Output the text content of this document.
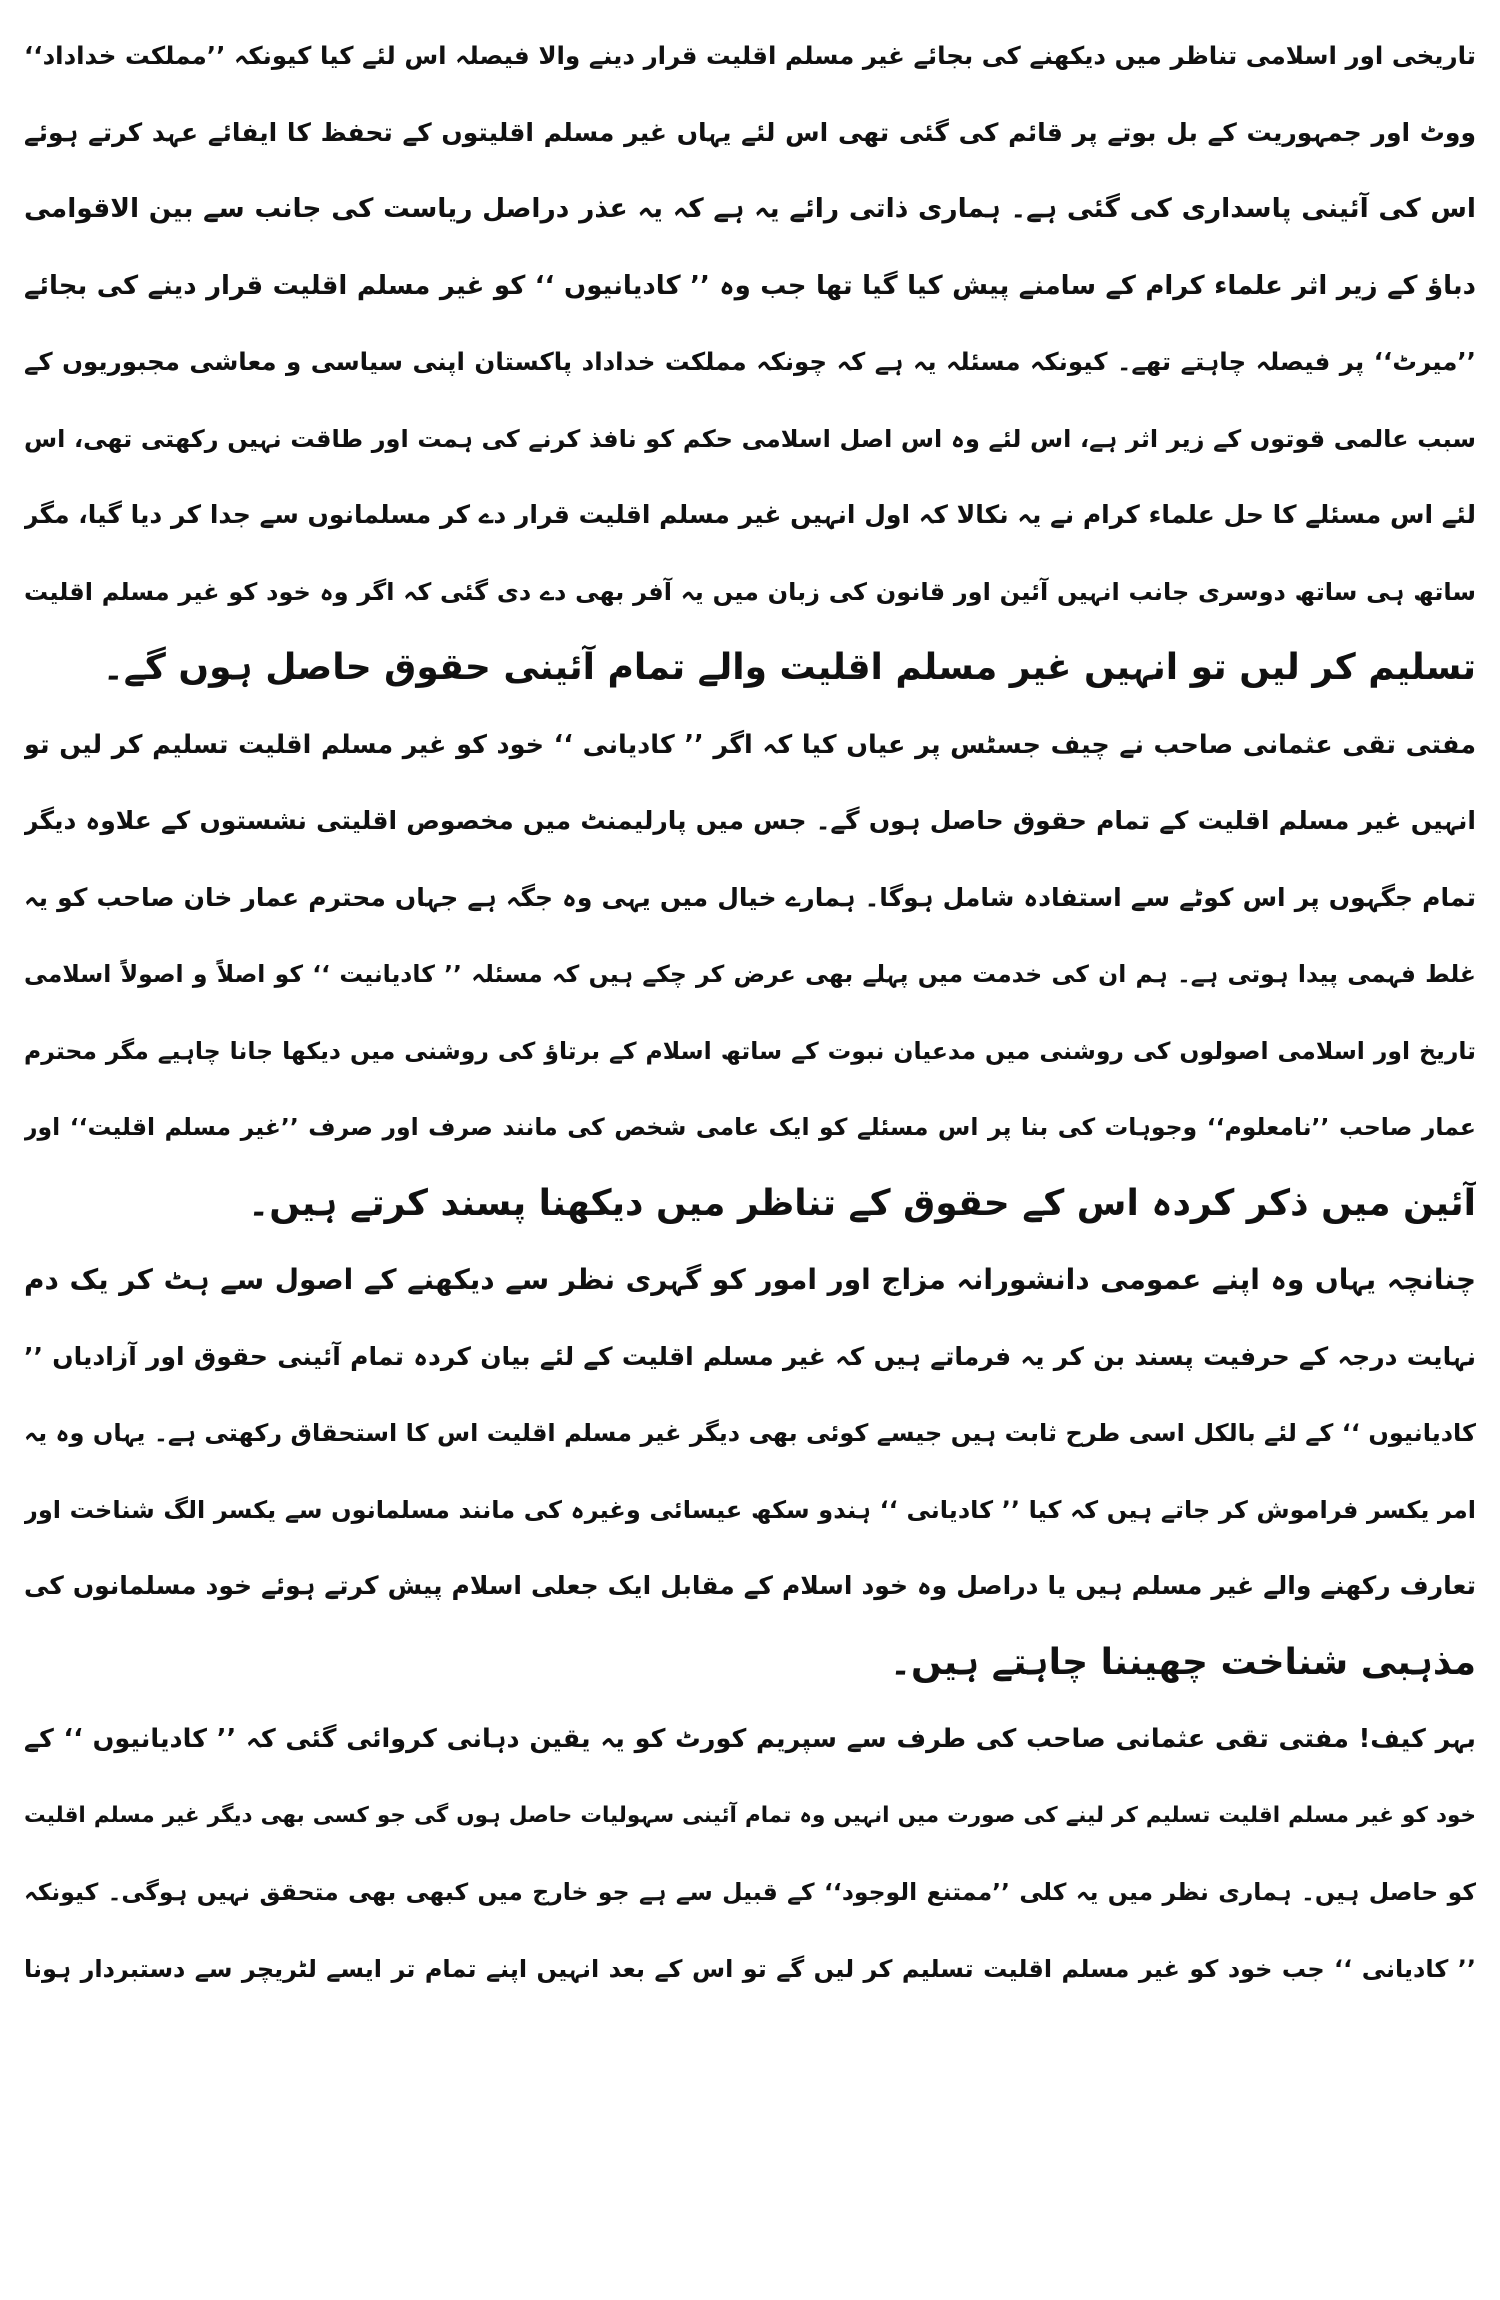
تاریخی اور اسلامی تناظر میں دیکھنے کی بجائے غیر مسلم اقلیت قرار دینے والا فیصلہ اس لئے کیا کیونکہ ’’مملکت خداداد‘‘
ووٹ اور جمہوریت کے بل بوتے پر قائم کی گئی تھی اس لئے یہاں غیر مسلم اقلیتوں کے تحفظ کا ایفائے عہد کرتے ہوئے
اس کی آئینی پاسداری کی گئی ہے۔ ہماری ذاتی رائے یہ ہے کہ یہ عذر دراصل ریاست کی جانب سے بین الاقوامی
دباؤ کے زیر اثر علماء کرام کے سامنے پیش کیا گیا تھا جب وہ ’’ کادیانیوں ‘‘ کو غیر مسلم اقلیت قرار دینے کی بجائے
’’میرٹ‘‘ پر فیصلہ چاہتے تھے۔ کیونکہ مسئلہ یہ ہے کہ چونکہ مملکت خداداد پاکستان اپنی سیاسی و معاشی مجبوریوں کے
سبب عالمی قوتوں کے زیر اثر ہے، اس لئے وہ اس اصل اسلامی حکم کو نافذ کرنے کی ہمت اور طاقت نہیں رکھتی تھی، اس
لئے اس مسئلے کا حل علماء کرام نے یہ نکالا کہ اول انہیں غیر مسلم اقلیت قرار دے کر مسلمانوں سے جدا کر دیا گیا، مگر
ساتھ ہی ساتھ دوسری جانب انہیں آئین اور قانون کی زبان میں یہ آفر بھی دے دی گئی کہ اگر وہ خود کو غیر مسلم اقلیت
تسلیم کر لیں تو انہیں غیر مسلم اقلیت والے تمام آئینی حقوق حاصل ہوں گے۔
مفتی تقی عثمانی صاحب نے چیف جسٹس پر عیاں کیا کہ اگر ’’ کادیانی ‘‘ خود کو غیر مسلم اقلیت تسلیم کر لیں تو
انہیں غیر مسلم اقلیت کے تمام حقوق حاصل ہوں گے۔ جس میں پارلیمنٹ میں مخصوص اقلیتی نشستوں کے علاوہ دیگر
تمام جگہوں پر اس کوٹے سے استفادہ شامل ہوگا۔ ہمارے خیال میں یہی وہ جگہ ہے جہاں محترم عمار خان صاحب کو یہ
غلط فہمی پیدا ہوتی ہے۔ ہم ان کی خدمت میں پہلے بھی عرض کر چکے ہیں کہ مسئلہ ’’ کادیانیت ‘‘ کو اصلاً و اصولاً اسلامی
تاریخ اور اسلامی اصولوں کی روشنی میں مدعیان نبوت کے ساتھ اسلام کے برتاؤ کی روشنی میں دیکھا جانا چاہیے مگر محترم
عمار صاحب ’’نامعلوم‘‘ وجوہات کی بنا پر اس مسئلے کو ایک عامی شخص کی مانند صرف اور صرف ’’غیر مسلم اقلیت‘‘ اور
آئین میں ذکر کردہ اس کے حقوق کے تناظر میں دیکھنا پسند کرتے ہیں۔
چنانچہ یہاں وہ اپنے عمومی دانشورانہ مزاج اور امور کو گہری نظر سے دیکھنے کے اصول سے ہٹ کر یک دم
نہایت درجہ کے حرفیت پسند بن کر یہ فرماتے ہیں کہ غیر مسلم اقلیت کے لئے بیان کردہ تمام آئینی حقوق اور آزادیاں ’’
کادیانیوں ‘‘ کے لئے بالکل اسی طرح ثابت ہیں جیسے کوئی بھی دیگر غیر مسلم اقلیت اس کا استحقاق رکھتی ہے۔ یہاں وہ یہ
امر یکسر فراموش کر جاتے ہیں کہ کیا ’’ کادیانی ‘‘ ہندو سکھ عیسائی وغیرہ کی مانند مسلمانوں سے یکسر الگ شناخت اور
تعارف رکھنے والے غیر مسلم ہیں یا دراصل وہ خود اسلام کے مقابل ایک جعلی اسلام پیش کرتے ہوئے خود مسلمانوں کی
مذہبی شناخت چھیننا چاہتے ہیں۔
بہر کیف! مفتی تقی عثمانی صاحب کی طرف سے سپریم کورٹ کو یہ یقین دہانی کروائی گئی کہ ’’ کادیانیوں ‘‘ کے
خود کو غیر مسلم اقلیت تسلیم کر لینے کی صورت میں انہیں وہ تمام آئینی سہولیات حاصل ہوں گی جو کسی بھی دیگر غیر مسلم اقلیت
کو حاصل ہیں۔ ہماری نظر میں یہ کلی ’’ممتنع الوجود‘‘ کے قبیل سے ہے جو خارج میں کبھی بھی متحقق نہیں ہوگی۔ کیونکہ
’’ کادیانی ‘‘ جب خود کو غیر مسلم اقلیت تسلیم کر لیں گے تو اس کے بعد انہیں اپنے تمام تر ایسے لٹریچر سے دستبردار ہونا
